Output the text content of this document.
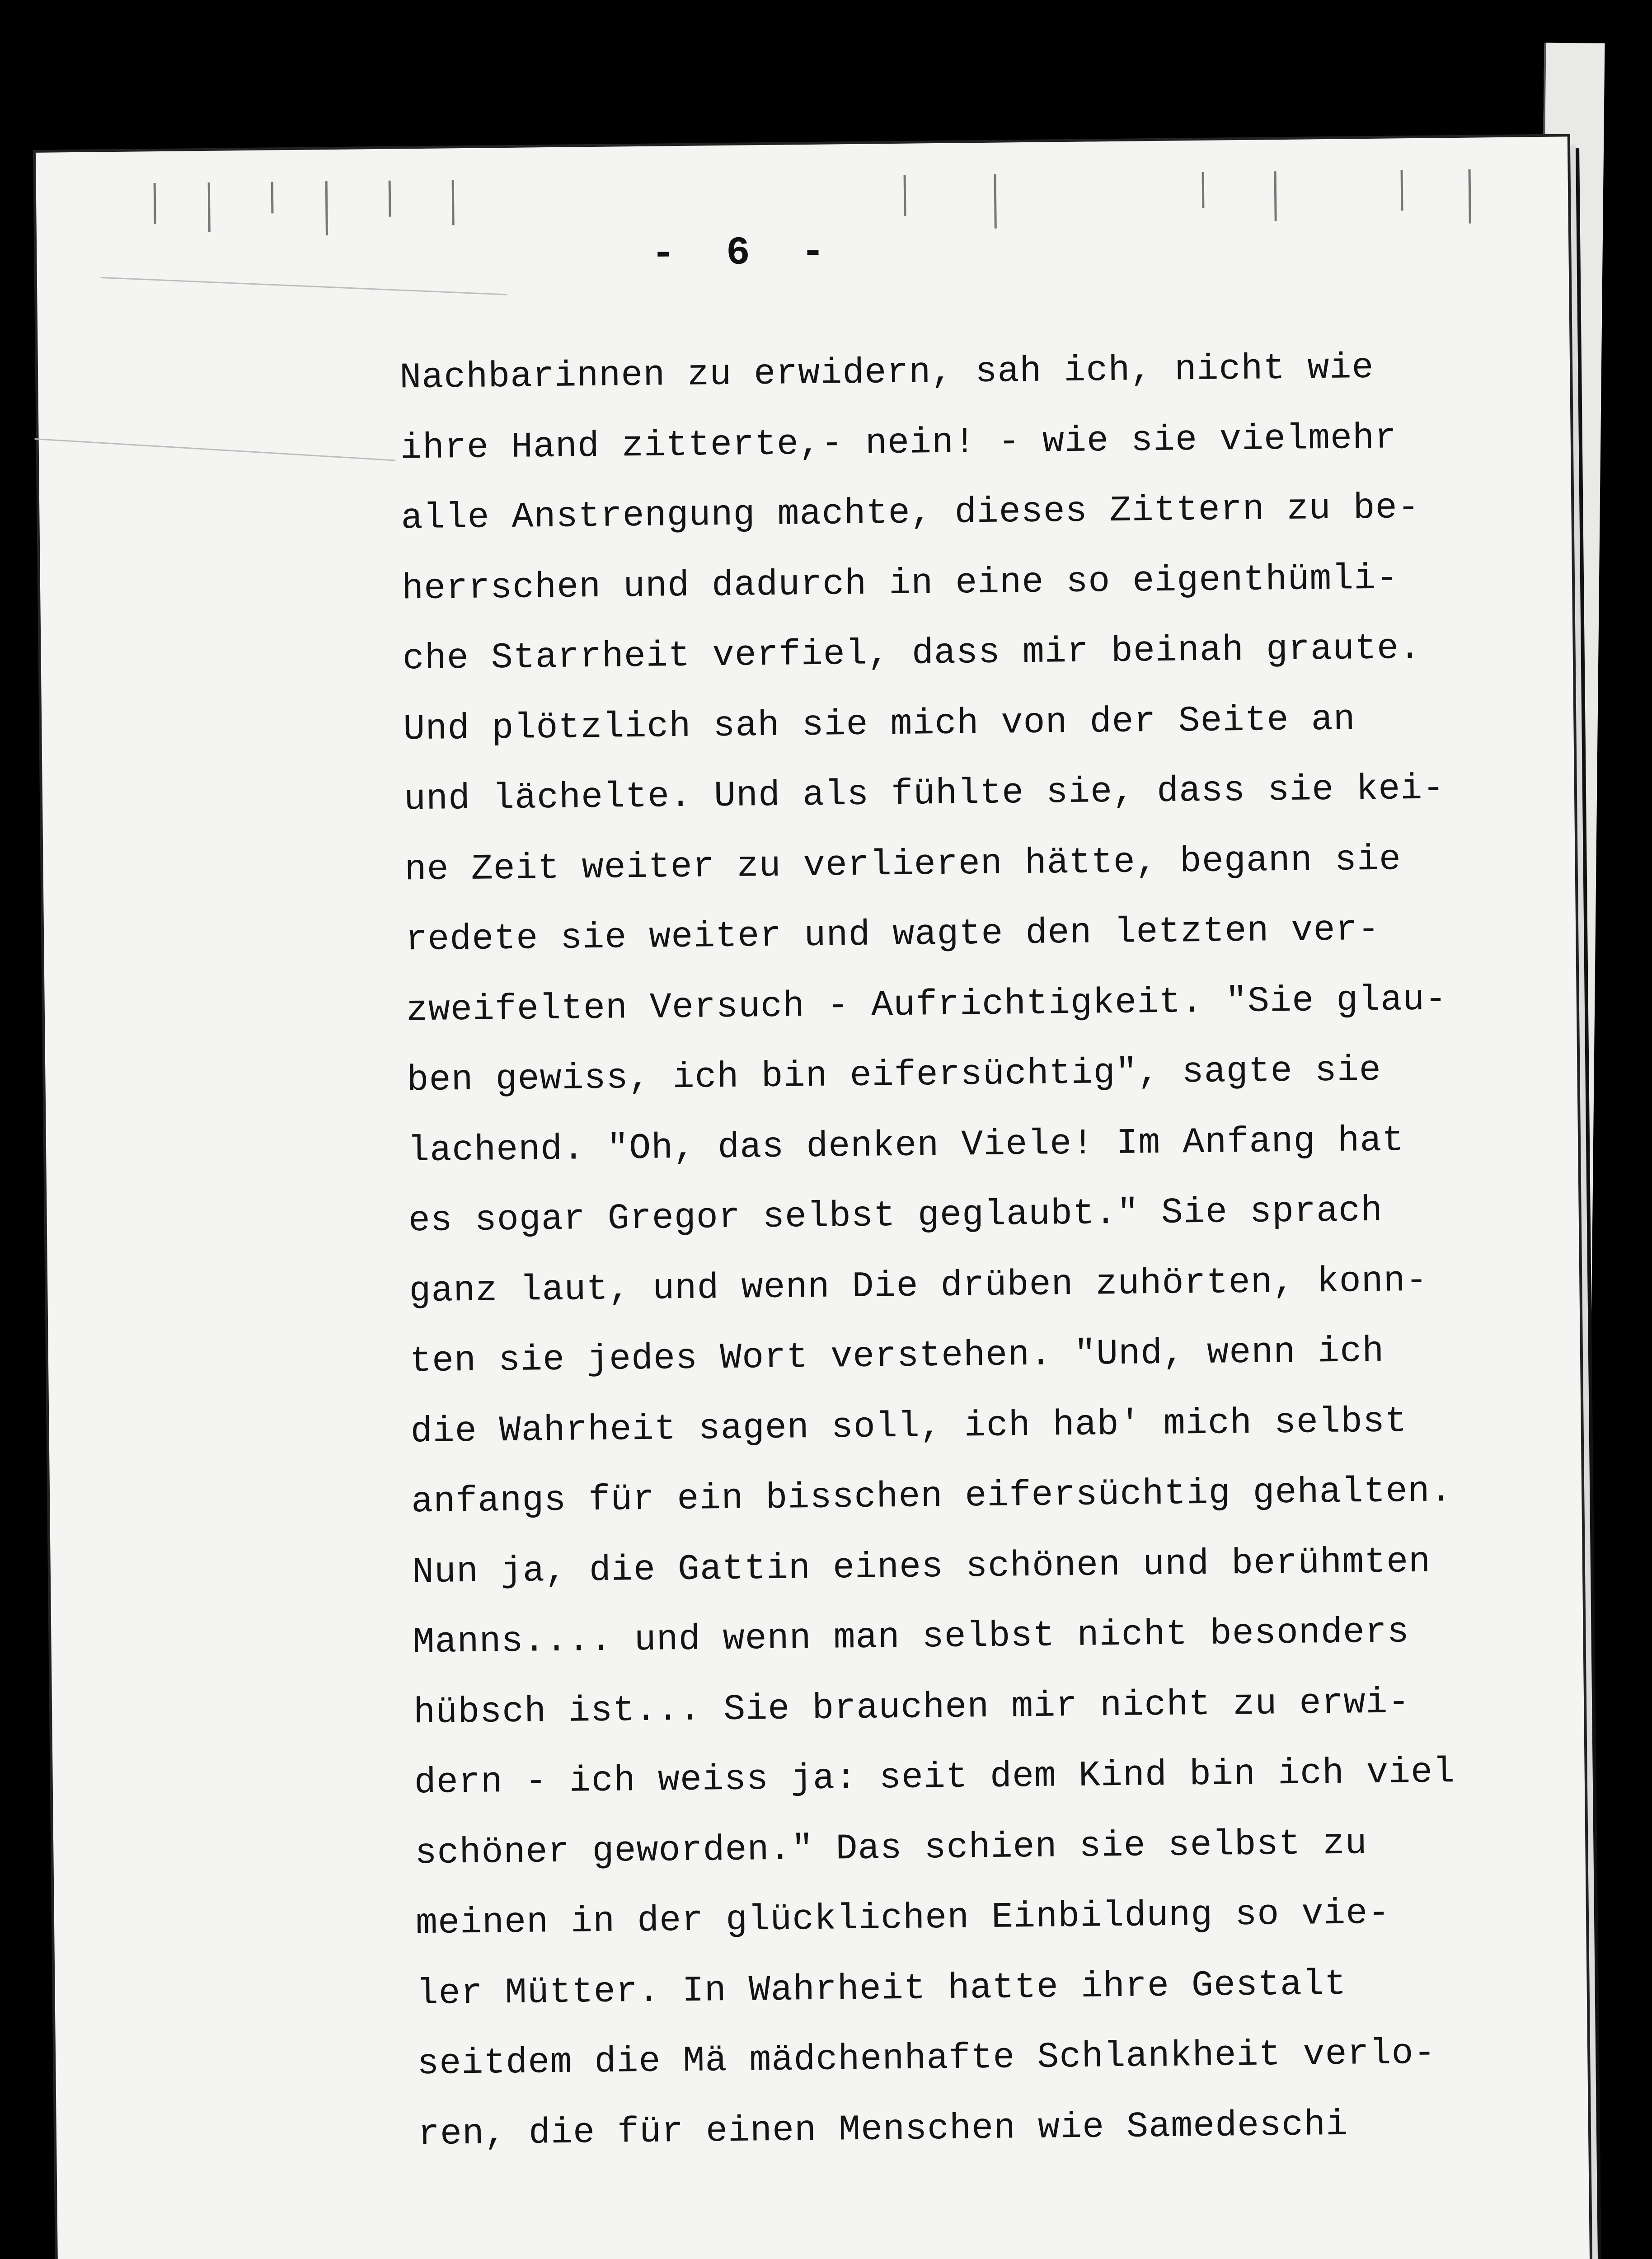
- 6 -
Nachbarinnen zu erwidern, sah ich, nicht wie
ihre Hand zitterte,- nein! - wie sie vielmehr
alle Anstrengung machte, dieses Zittern zu be-
herrschen und dadurch in eine so eigenthümli-
che Starrheit verfiel, dass mir beinah graute.
Und plötzlich sah sie mich von der Seite an
und lächelte. Und als fühlte sie, dass sie kei-
ne Zeit weiter zu verlieren hätte, begann sie
redete sie weiter und wagte den letzten ver-
zweifelten Versuch - Aufrichtigkeit. "Sie glau-
ben gewiss, ich bin eifersüchtig", sagte sie
lachend. "Oh, das denken Viele! Im Anfang hat
es sogar Gregor selbst geglaubt." Sie sprach
ganz laut, und wenn Die drüben zuhörten, konn-
ten sie jedes Wort verstehen. "Und, wenn ich
die Wahrheit sagen soll, ich hab' mich selbst
anfangs für ein bisschen eifersüchtig gehalten.
Nun ja, die Gattin eines schönen und berühmten
Manns.... und wenn man selbst nicht besonders
hübsch ist... Sie brauchen mir nicht zu erwi-
dern - ich weiss ja: seit dem Kind bin ich viel
schöner geworden." Das schien sie selbst zu
meinen in der glücklichen Einbildung so vie-
ler Mütter. In Wahrheit hatte ihre Gestalt
seitdem die Mä mädchenhafte Schlankheit verlo-
ren, die für einen Menschen wie Samedeschi
